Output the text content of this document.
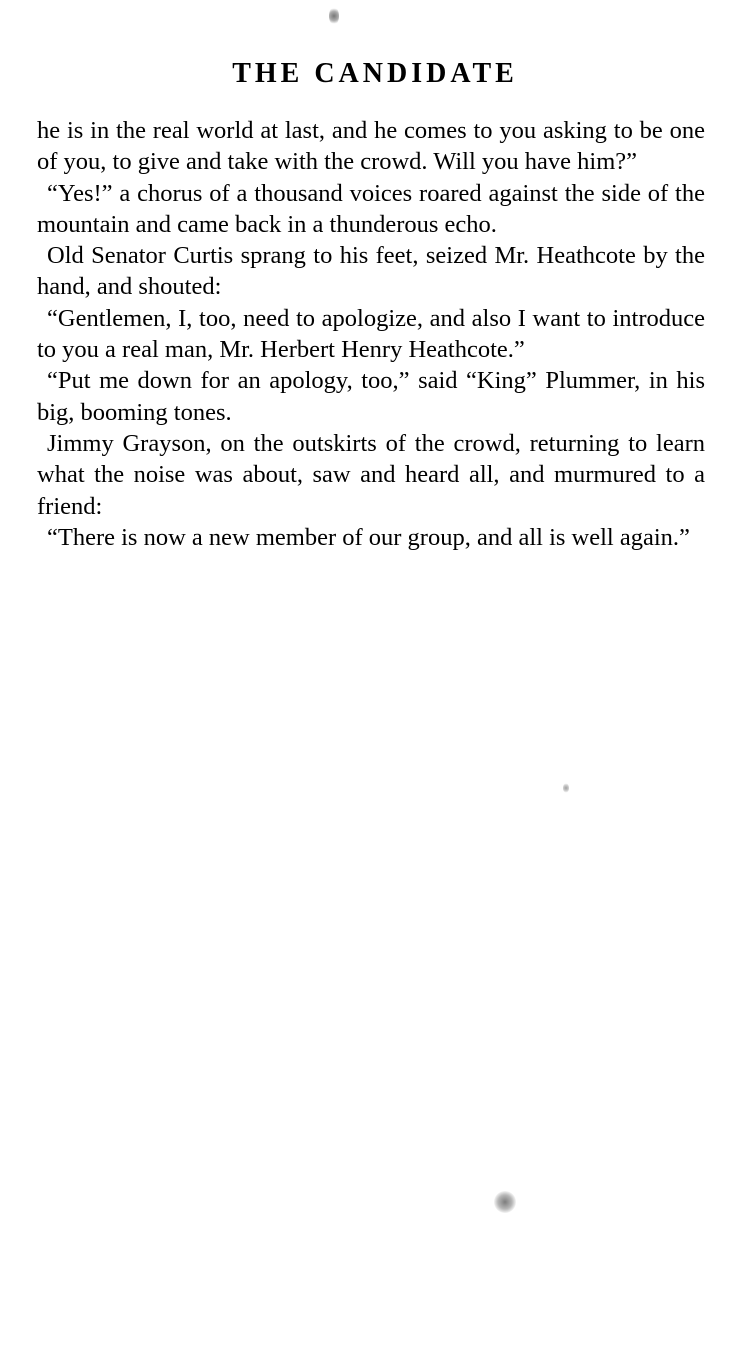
THE CANDIDATE

he is in the real world at last, and he comes to you asking to be one of you, to give and take with the crowd. Will you have him?”

“Yes!” a chorus of a thousand voices roared against the side of the mountain and came back in a thunderous echo.

Old Senator Curtis sprang to his feet, seized Mr. Heathcote by the hand, and shouted:

“Gentlemen, I, too, need to apologize, and also I want to introduce to you a real man, Mr. Herbert Henry Heathcote.”

“Put me down for an apology, too,” said “King” Plummer, in his big, booming tones.

Jimmy Grayson, on the outskirts of the crowd, returning to learn what the noise was about, saw and heard all, and murmured to a friend:

“There is now a new member of our group, and all is well again.”
